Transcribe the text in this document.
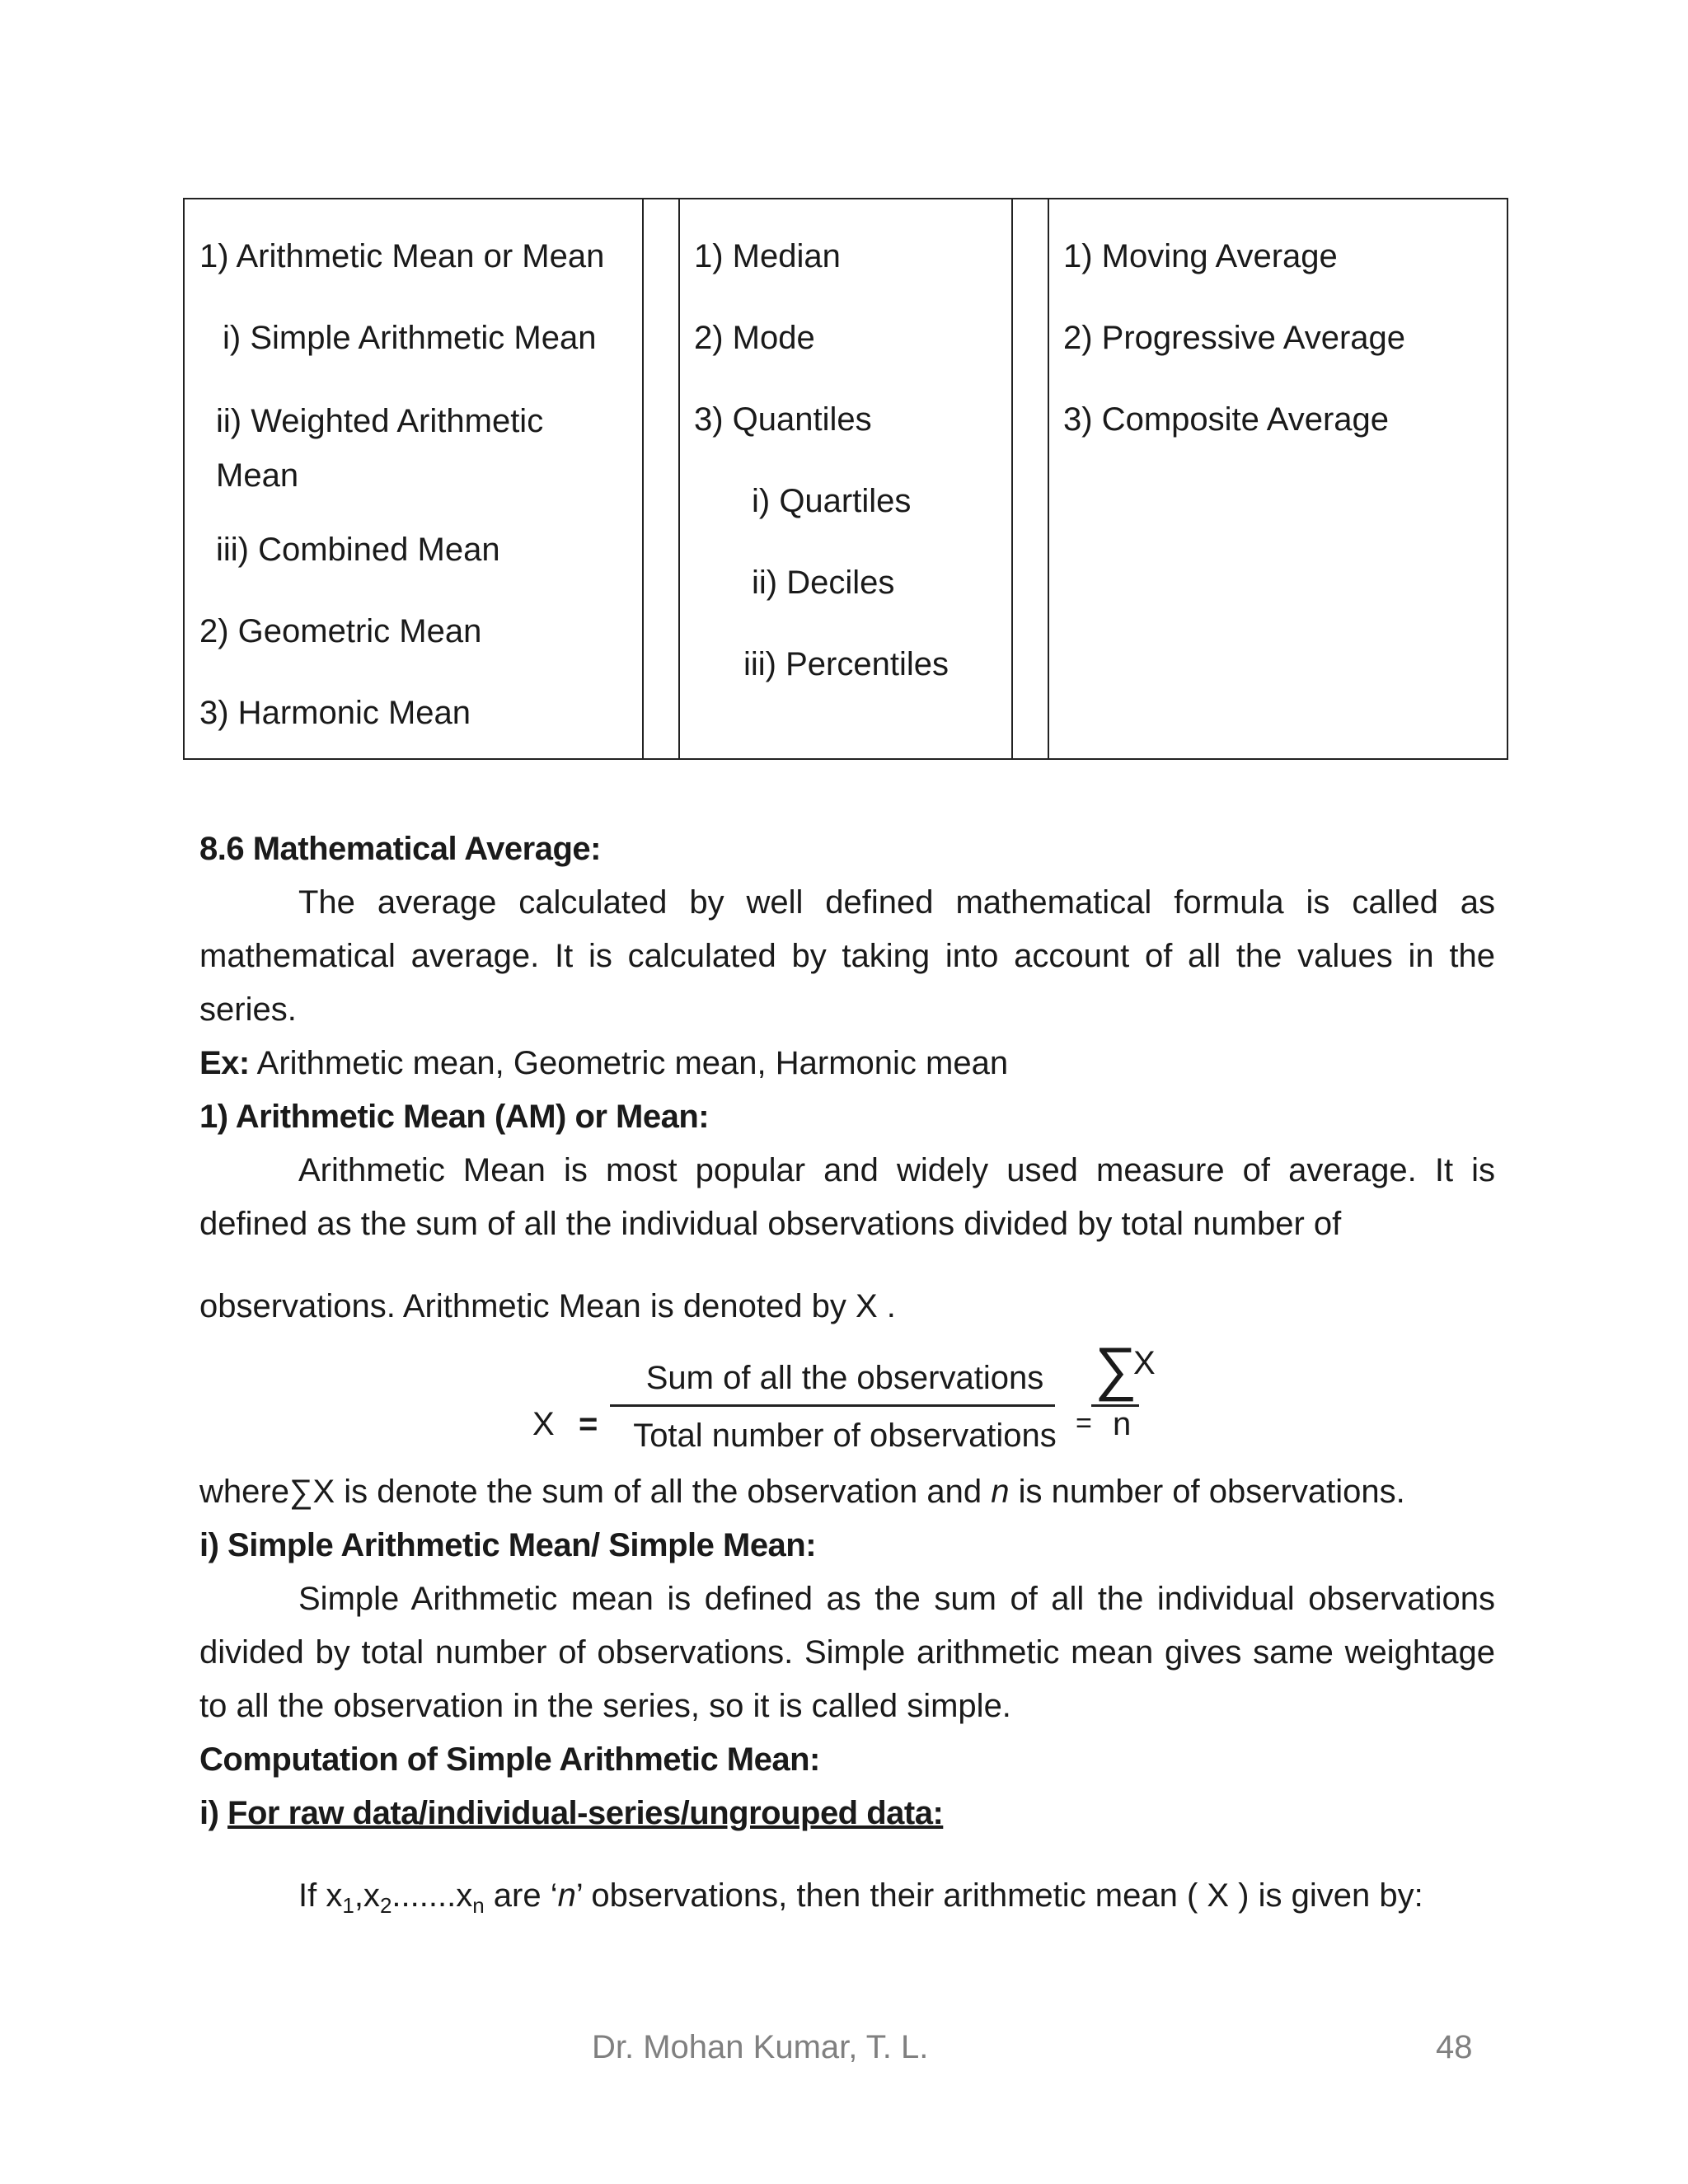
1) Arithmetic Mean or Mean
i) Simple Arithmetic Mean
ii) Weighted Arithmetic Mean
iii) Combined Mean
2) Geometric Mean
3) Harmonic Mean
1) Median
2) Mode
3) Quantiles
i) Quartiles
ii) Deciles
iii) Percentiles
1) Moving Average
2) Progressive Average
3) Composite Average
8.6 Mathematical Average:
The average calculated by well defined mathematical formula is called as mathematical average. It is calculated by taking into account of all the values in the series.
Ex: Arithmetic mean, Geometric mean, Harmonic mean
1) Arithmetic Mean (AM) or Mean:
Arithmetic Mean is most popular and widely used measure of average. It is defined as the sum of all the individual observations divided by total number of
observations. Arithmetic Mean is denoted by X .
X =
Sum of all the observations
Total number of observations =
∑
X
n
where∑X is denote the sum of all the observation and n is number of observations.
i) Simple Arithmetic Mean/ Simple Mean:
Simple Arithmetic mean is defined as the sum of all the individual observations divided by total number of observations. Simple arithmetic mean gives same weightage to all the observation in the series, so it is called simple.
Computation of Simple Arithmetic Mean:
i) For raw data/individual-series/ungrouped data:
If $x_1,x_2.......x_n$ are ‘n’ observations, then their arithmetic mean ( X ) is given by:
Dr. Mohan Kumar, T. L.	48
